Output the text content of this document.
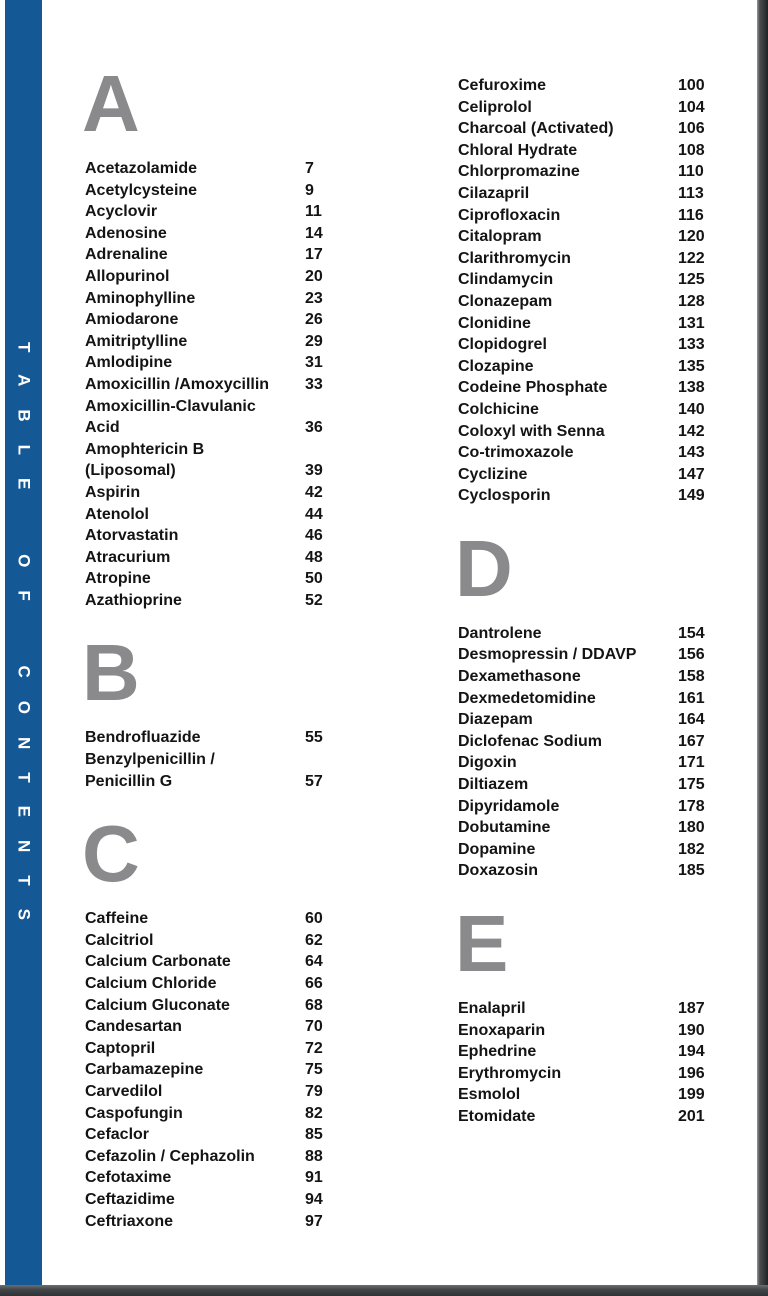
TABLE OF CONTENTS
A
Acetazolamide	7
Acetylcysteine	9
Acyclovir	11
Adenosine	14
Adrenaline	17
Allopurinol	20
Aminophylline	23
Amiodarone	26
Amitriptylline	29
Amlodipine	31
Amoxicillin /Amoxycillin	33
Amoxicillin-Clavulanic
Acid	36
Amophtericin B
(Liposomal)	39
Aspirin	42
Atenolol	44
Atorvastatin	46
Atracurium	48
Atropine	50
Azathioprine	52
B
Bendrofluazide	55
Benzylpenicillin /
Penicillin G	57
C
Caffeine	60
Calcitriol	62
Calcium Carbonate	64
Calcium Chloride	66
Calcium Gluconate	68
Candesartan	70
Captopril	72
Carbamazepine	75
Carvedilol	79
Caspofungin	82
Cefaclor	85
Cefazolin / Cephazolin	88
Cefotaxime	91
Ceftazidime	94
Ceftriaxone	97
Cefuroxime	100
Celiprolol	104
Charcoal (Activated)	106
Chloral Hydrate	108
Chlorpromazine	110
Cilazapril	113
Ciprofloxacin	116
Citalopram	120
Clarithromycin	122
Clindamycin	125
Clonazepam	128
Clonidine	131
Clopidogrel	133
Clozapine	135
Codeine Phosphate	138
Colchicine	140
Coloxyl with Senna	142
Co-trimoxazole	143
Cyclizine	147
Cyclosporin	149
D
Dantrolene	154
Desmopressin / DDAVP	156
Dexamethasone	158
Dexmedetomidine	161
Diazepam	164
Diclofenac Sodium	167
Digoxin	171
Diltiazem	175
Dipyridamole	178
Dobutamine	180
Dopamine	182
Doxazosin	185
E
Enalapril	187
Enoxaparin	190
Ephedrine	194
Erythromycin	196
Esmolol	199
Etomidate	201
